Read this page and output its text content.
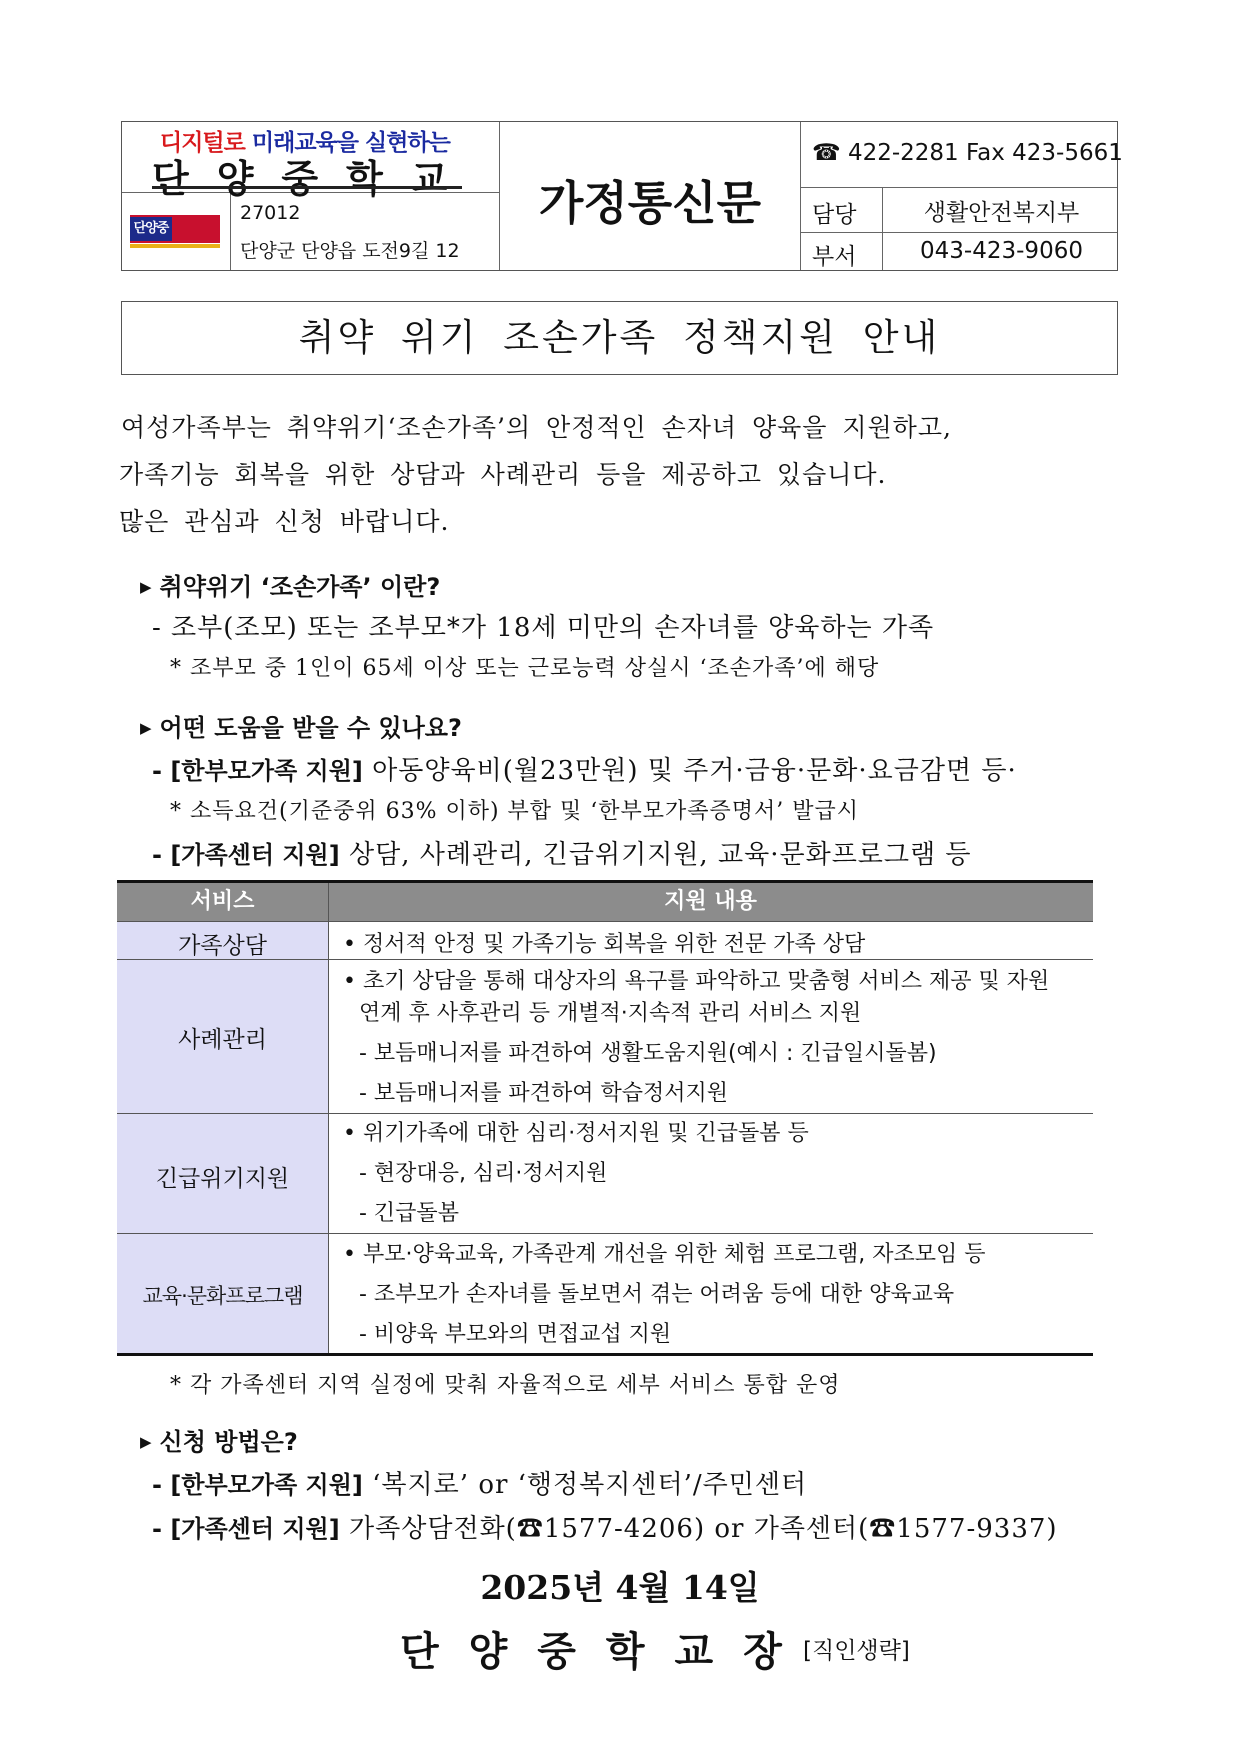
디지털로 미래교육을 실현하는
단양중학교
단양중
27012
단양군 단양읍 도전9길 12
가정통신문
☎ 422-2281 Fax 423-5661
담당
부서
생활안전복지부
043-423-9060
취약 위기 조손가족 정책지원 안내
여성가족부는 취약위기‘조손가족’의 안정적인 손자녀 양육을 지원하고,
가족기능 회복을 위한 상담과 사례관리 등을 제공하고 있습니다.
많은 관심과 신청 바랍니다.
▶ 취약위기 ‘조손가족’ 이란?
- 조부(조모) 또는 조부모*가 18세 미만의 손자녀를 양육하는 가족
* 조부모 중 1인이 65세 이상 또는 근로능력 상실시 ‘조손가족’에 해당
▶ 어떤 도움을 받을 수 있나요?
- [한부모가족 지원] 아동양육비(월23만원) 및 주거·금융·문화·요금감면 등·
* 소득요건(기준중위 63% 이하) 부합 및 ‘한부모가족증명서’ 발급시
- [가족센터 지원] 상담, 사례관리, 긴급위기지원, 교육·문화프로그램 등
서비스	지원 내용
가족상담	• 정서적 안정 및 가족기능 회복을 위한 전문 가족 상담
사례관리
• 초기 상담을 통해 대상자의 욕구를 파악하고 맞춤형 서비스 제공 및 자원
연계 후 사후관리 등 개별적·지속적 관리 서비스 지원
- 보듬매니저를 파견하여 생활도움지원(예시 : 긴급일시돌봄)
- 보듬매니저를 파견하여 학습정서지원
긴급위기지원
• 위기가족에 대한 심리·정서지원 및 긴급돌봄 등
- 현장대응, 심리·정서지원
- 긴급돌봄
교육·문화프로그램
• 부모·양육교육, 가족관계 개선을 위한 체험 프로그램, 자조모임 등
- 조부모가 손자녀를 돌보면서 겪는 어려움 등에 대한 양육교육
- 비양육 부모와의 면접교섭 지원
* 각 가족센터 지역 실정에 맞춰 자율적으로 세부 서비스 통합 운영
▶ 신청 방법은?
- [한부모가족 지원] ‘복지로’ or ‘행정복지센터’/주민센터
- [가족센터 지원] 가족상담전화(☎1577-4206) or 가족센터(☎1577-9337)
2025년 4월 14일
단양중학교장
[직인생략]
